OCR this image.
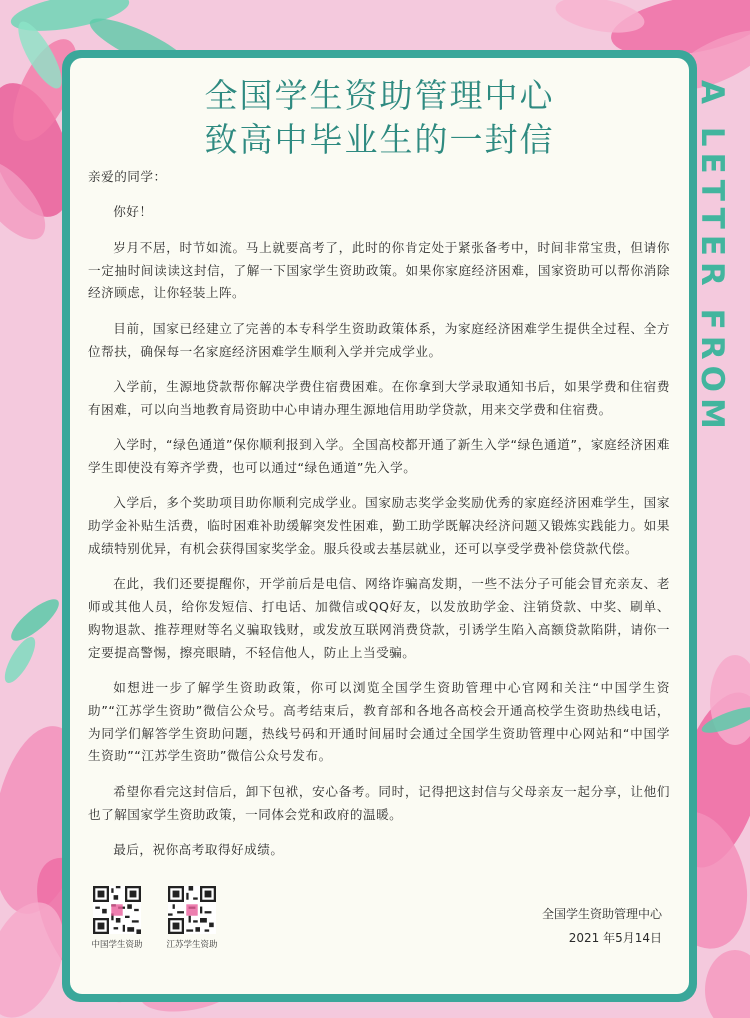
A LETTER FROM
全国学生资助管理中心
致高中毕业生的一封信

亲爱的同学：

你好！

岁月不居，时节如流。马上就要高考了，此时的你肯定处于紧张备考中，时间非常宝贵，但请你一定抽时间读读这封信，了解一下国家学生资助政策。如果你家庭经济困难，国家资助可以帮你消除经济顾虑，让你轻装上阵。

目前，国家已经建立了完善的本专科学生资助政策体系，为家庭经济困难学生提供全过程、全方位帮扶，确保每一名家庭经济困难学生顺利入学并完成学业。

入学前，生源地贷款帮你解决学费住宿费困难。在你拿到大学录取通知书后，如果学费和住宿费有困难，可以向当地教育局资助中心申请办理生源地信用助学贷款，用来交学费和住宿费。

入学时，“绿色通道”保你顺利报到入学。全国高校都开通了新生入学“绿色通道”，家庭经济困难学生即使没有筹齐学费，也可以通过“绿色通道”先入学。

入学后，多个奖助项目助你顺利完成学业。国家励志奖学金奖励优秀的家庭经济困难学生，国家助学金补贴生活费，临时困难补助缓解突发性困难，勤工助学既解决经济问题又锻炼实践能力。如果成绩特别优异，有机会获得国家奖学金。服兵役或去基层就业，还可以享受学费补偿贷款代偿。

在此，我们还要提醒你，开学前后是电信、网络诈骗高发期，一些不法分子可能会冒充亲友、老师或其他人员，给你发短信、打电话、加微信或QQ好友，以发放助学金、注销贷款、中奖、刷单、购物退款、推荐理财等名义骗取钱财，或发放互联网消费贷款，引诱学生陷入高额贷款陷阱，请你一定要提高警惕，擦亮眼睛，不轻信他人，防止上当受骗。

如想进一步了解学生资助政策，你可以浏览全国学生资助管理中心官网和关注“中国学生资助”“江苏学生资助”微信公众号。高考结束后，教育部和各地各高校会开通高校学生资助热线电话，为同学们解答学生资助问题，热线号码和开通时间届时会通过全国学生资助管理中心网站和“中国学生资助”“江苏学生资助”微信公众号发布。

希望你看完这封信后，卸下包袱，安心备考。同时，记得把这封信与父母亲友一起分享，让他们也了解国家学生资助政策，一同体会党和政府的温暖。

最后，祝你高考取得好成绩。

中国学生资助	江苏学生资助
全国学生资助管理中心
2021 年5月14日
